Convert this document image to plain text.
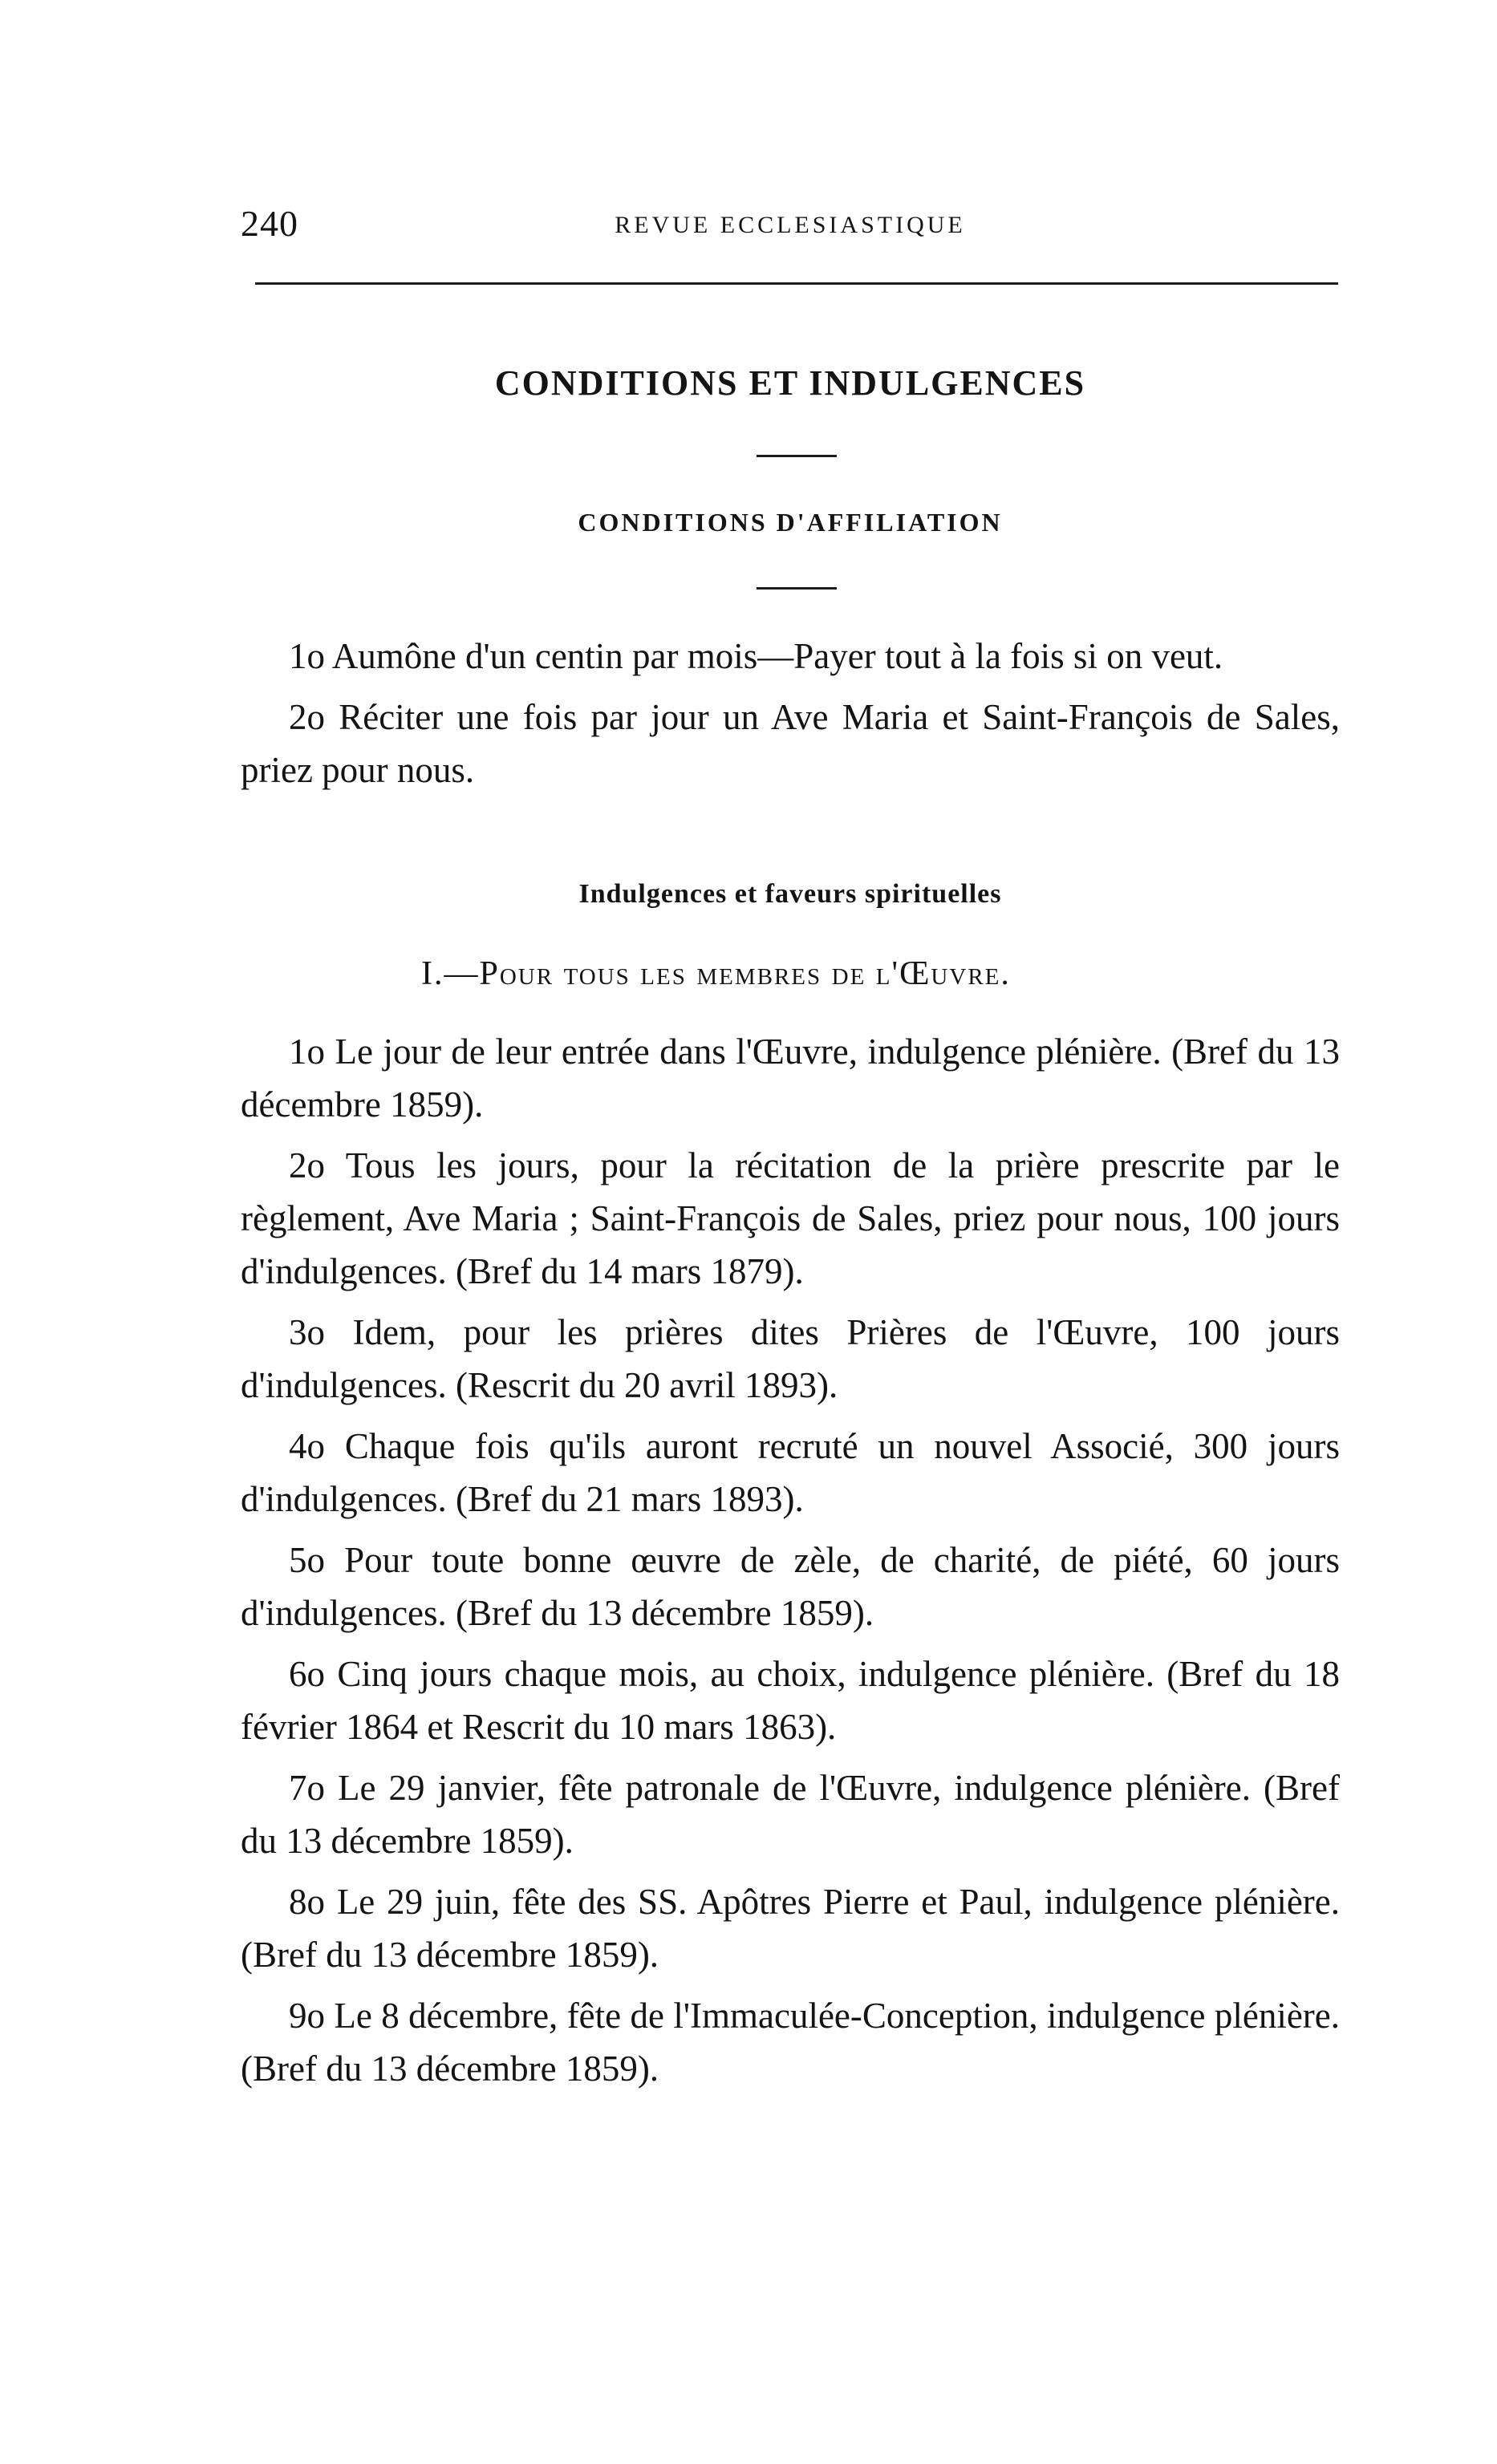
240	REVUE ECCLESIASTIQUE
CONDITIONS ET INDULGENCES
CONDITIONS D'AFFILIATION

1o Aumône d'un centin par mois—Payer tout à la fois si on veut.

2o Réciter une fois par jour un Ave Maria et Saint-François de Sales, priez pour nous.

Indulgences et faveurs spirituelles
I.—Pour tous les membres de l'Œuvre.

1o Le jour de leur entrée dans l'Œuvre, indulgence plénière. (Bref du 13 décembre 1859).

2o Tous les jours, pour la récitation de la prière prescrite par le règlement, Ave Maria ; Saint-François de Sales, priez pour nous, 100 jours d'indulgences. (Bref du 14 mars 1879).

3o Idem, pour les prières dites Prières de l'Œuvre, 100 jours d'indulgences. (Rescrit du 20 avril 1893).

4o Chaque fois qu'ils auront recruté un nouvel Associé, 300 jours d'indulgences. (Bref du 21 mars 1893).

5o Pour toute bonne œuvre de zèle, de charité, de piété, 60 jours d'indulgences. (Bref du 13 décembre 1859).

6o Cinq jours chaque mois, au choix, indulgence plénière. (Bref du 18 février 1864 et Rescrit du 10 mars 1863).

7o Le 29 janvier, fête patronale de l'Œuvre, indulgence plénière. (Bref du 13 décembre 1859).

8o Le 29 juin, fête des SS. Apôtres Pierre et Paul, indulgence plénière. (Bref du 13 décembre 1859).

9o Le 8 décembre, fête de l'Immaculée-Conception, indulgence plénière. (Bref du 13 décembre 1859).
